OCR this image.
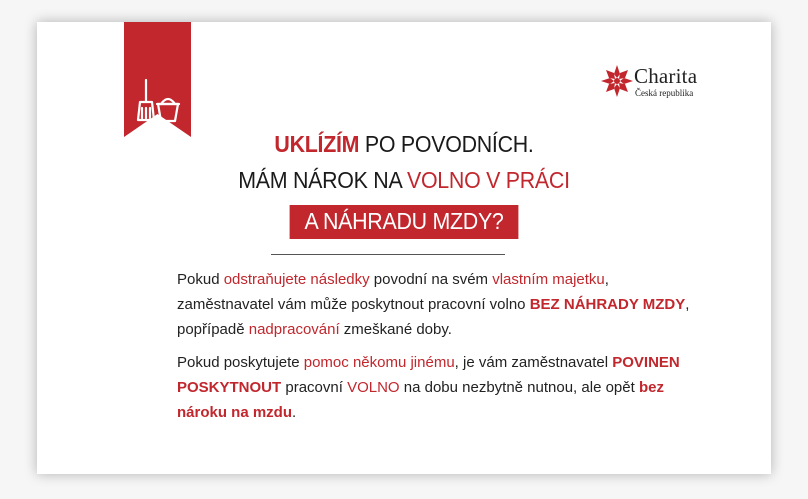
Charita
Česká republika
UKLÍZÍM PO POVODNÍCH.
MÁM NÁROK NA VOLNO V PRÁCI
A NÁHRADU MZDY?

Pokud odstraňujete následky povodní na svém vlastním majetku, zaměstnavatel vám může poskytnout pracovní volno BEZ NÁHRADY MZDY, popřípadě nadpracování zmeškané doby.

Pokud poskytujete pomoc někomu jinému, je vám zaměstnavatel POVINEN POSKYTNOUT pracovní VOLNO na dobu nezbytně nutnou, ale opět bez nároku na mzdu.
